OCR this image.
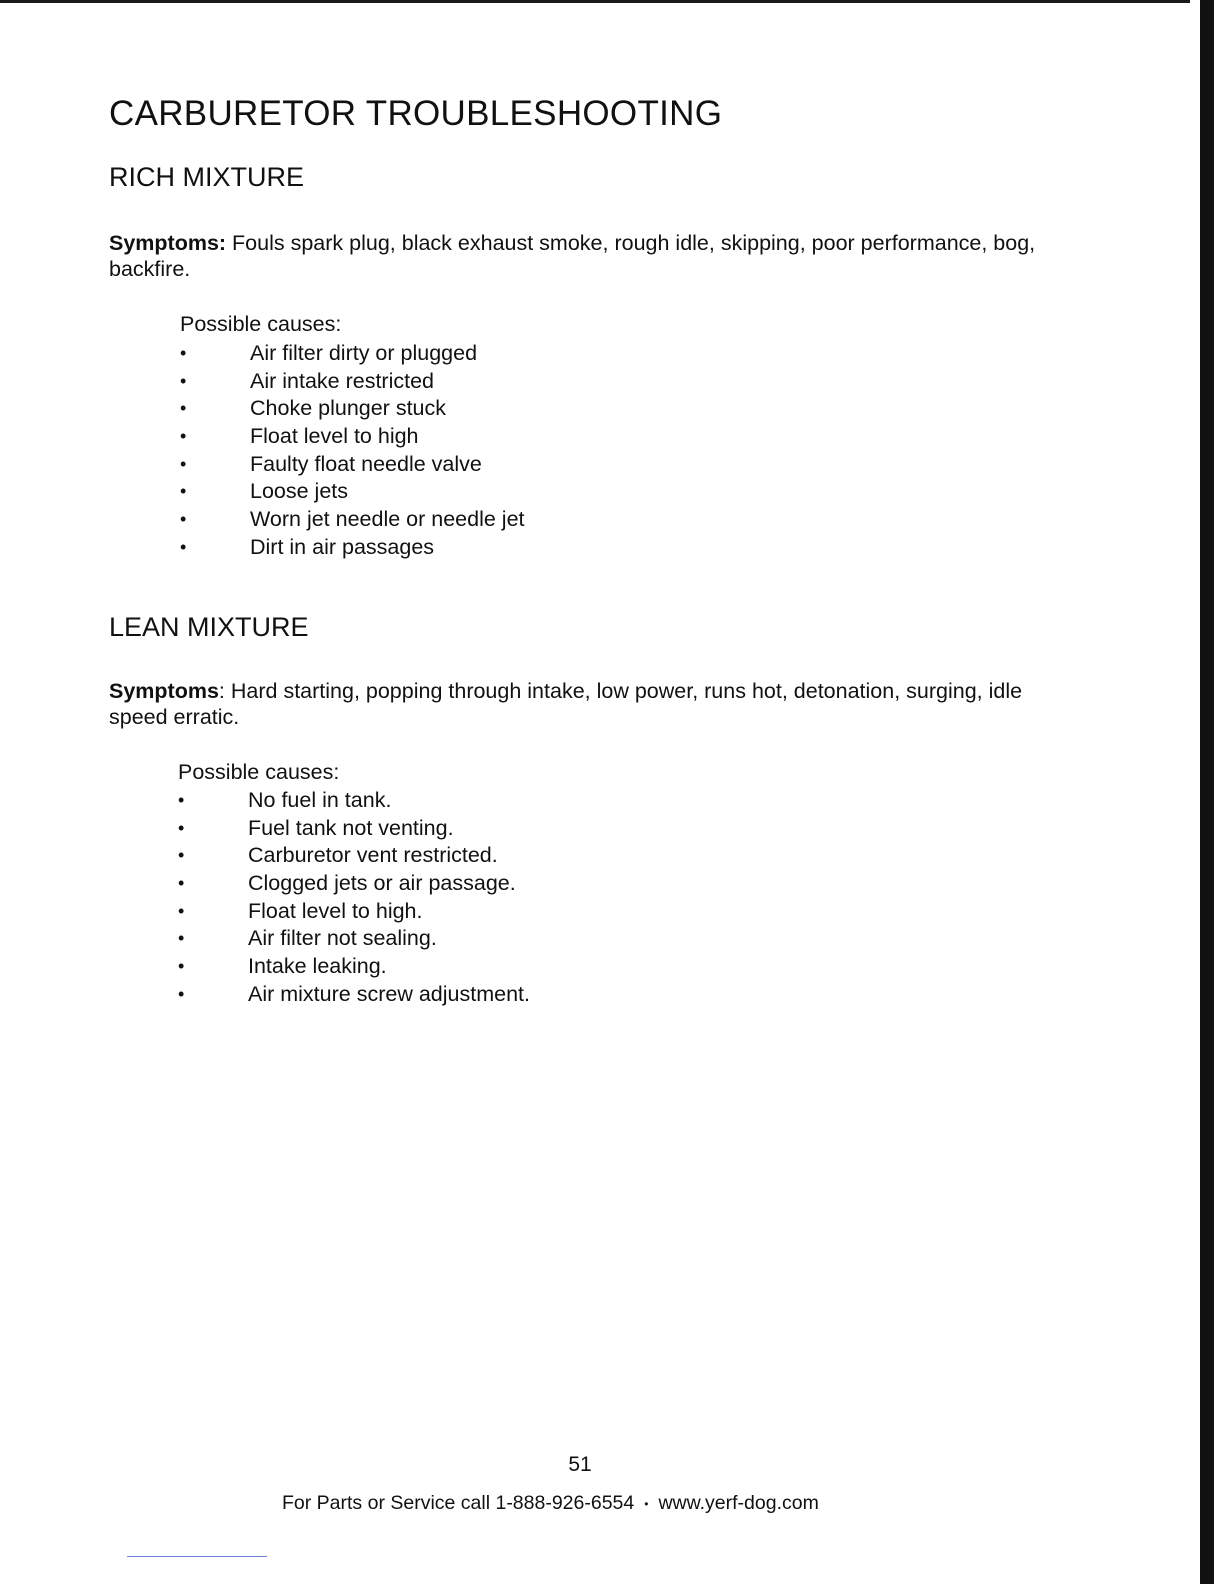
CARBURETOR TROUBLESHOOTING
RICH MIXTURE

Symptoms: Fouls spark plug, black exhaust smoke, rough idle, skipping, poor performance, bog, backfire.

Possible causes:

•	Air filter dirty or plugged
•	Air intake restricted
•	Choke plunger stuck
•	Float level to high
•	Faulty float needle valve
•	Loose jets
•	Worn jet needle or needle jet
•	Dirt in air passages
LEAN MIXTURE

Symptoms: Hard starting, popping through intake, low power, runs hot, detonation, surging, idle speed erratic.

Possible causes:

•	No fuel in tank.
•	Fuel tank not venting.
•	Carburetor vent restricted.
•	Clogged jets or air passage.
•	Float level to high.
•	Air filter not sealing.
•	Intake leaking.
•	Air mixture screw adjustment.
51
For Parts or Service call 1-888-926-6554 • www.yerf-dog.com
